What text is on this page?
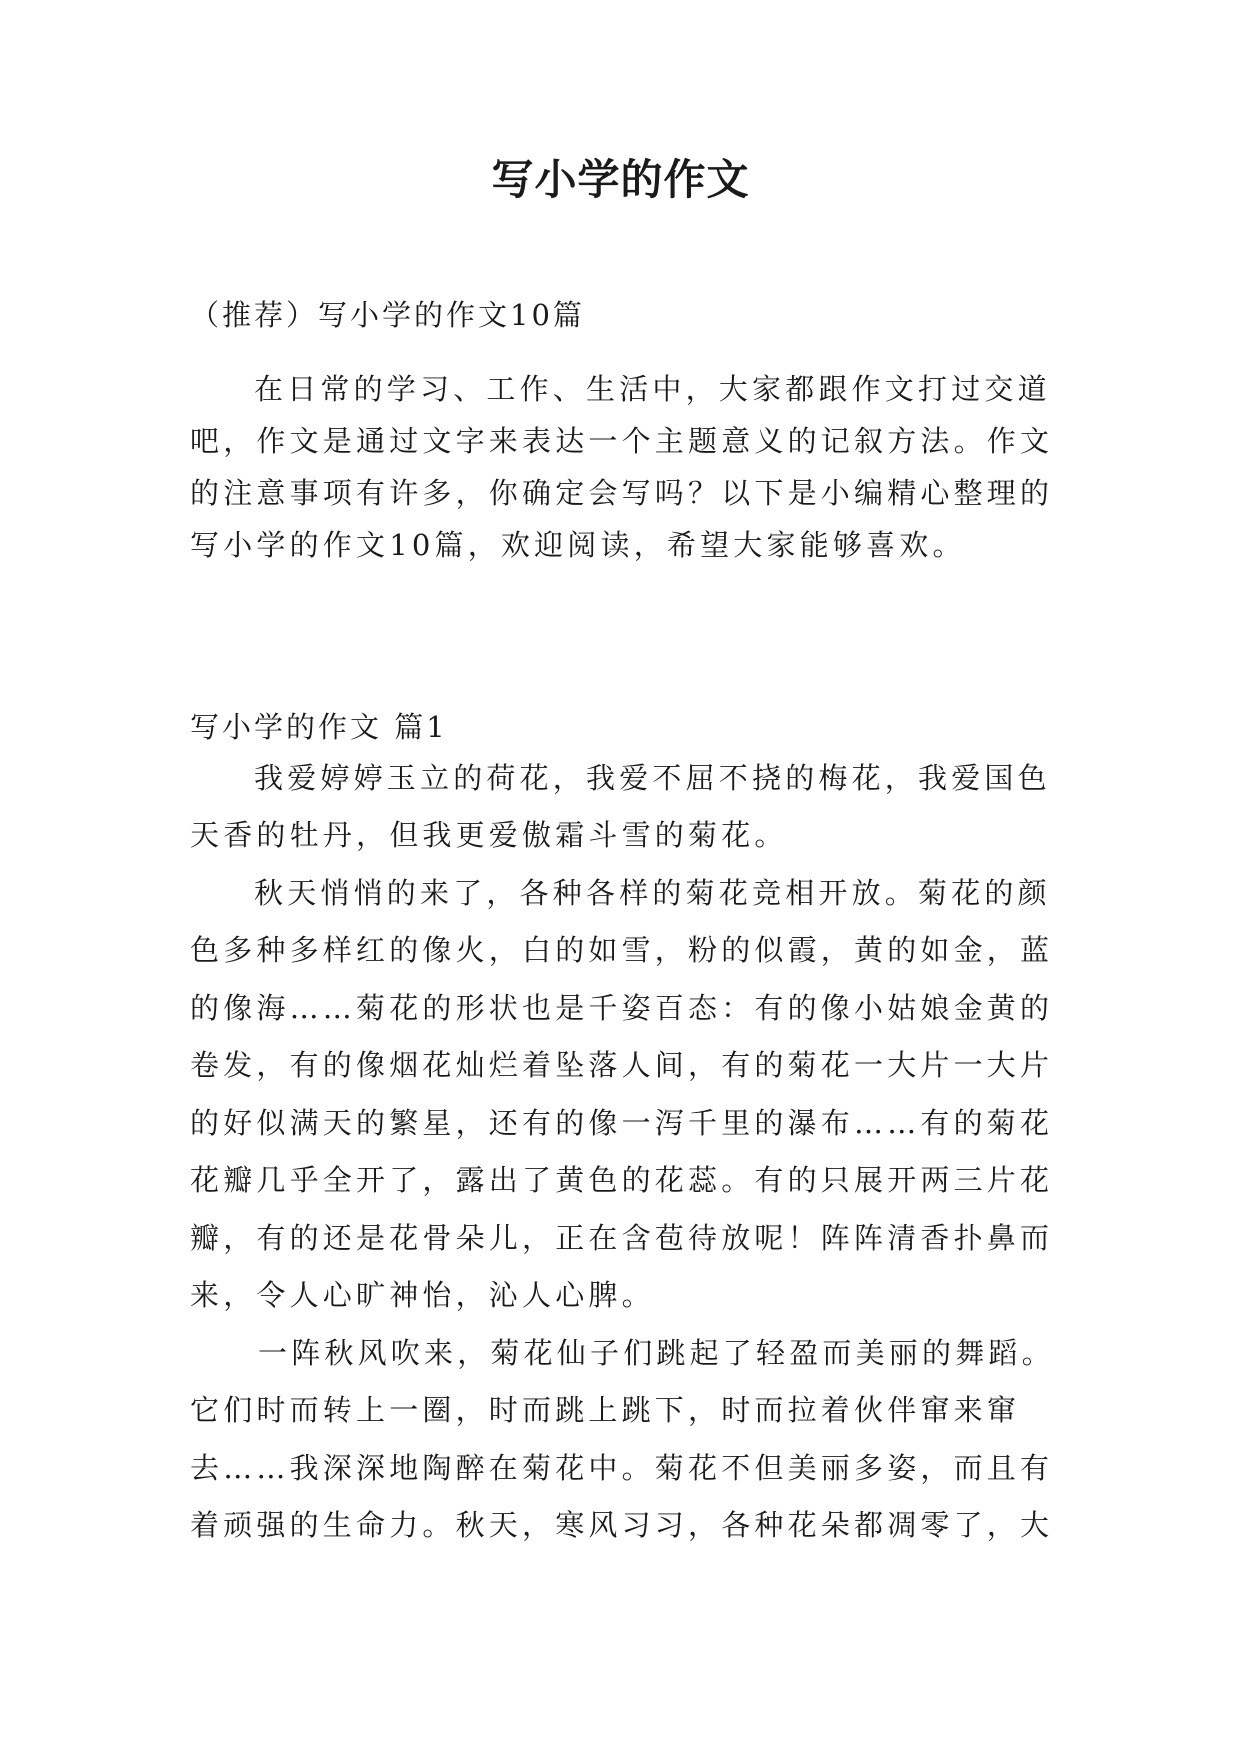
写小学的作文
（推荐）写小学的作文10篇
在日常的学习、工作、生活中，大家都跟作文打过交道
吧，作文是通过文字来表达一个主题意义的记叙方法。作文
的注意事项有许多，你确定会写吗？以下是小编精心整理的
写小学的作文10篇，欢迎阅读，希望大家能够喜欢。
写小学的作文 篇1
我爱婷婷玉立的荷花，我爱不屈不挠的梅花，我爱国色
天香的牡丹，但我更爱傲霜斗雪的菊花。
秋天悄悄的来了，各种各样的菊花竞相开放。菊花的颜
色多种多样红的像火，白的如雪，粉的似霞，黄的如金，蓝
的像海……菊花的形状也是千姿百态：有的像小姑娘金黄的
卷发，有的像烟花灿烂着坠落人间，有的菊花一大片一大片
的好似满天的繁星，还有的像一泻千里的瀑布……有的菊花
花瓣几乎全开了，露出了黄色的花蕊。有的只展开两三片花
瓣，有的还是花骨朵儿，正在含苞待放呢！阵阵清香扑鼻而
来，令人心旷神怡，沁人心脾。
一阵秋风吹来，菊花仙子们跳起了轻盈而美丽的舞蹈。
它们时而转上一圈，时而跳上跳下，时而拉着伙伴窜来窜
去……我深深地陶醉在菊花中。菊花不但美丽多姿，而且有
着顽强的生命力。秋天，寒风习习，各种花朵都凋零了，大
